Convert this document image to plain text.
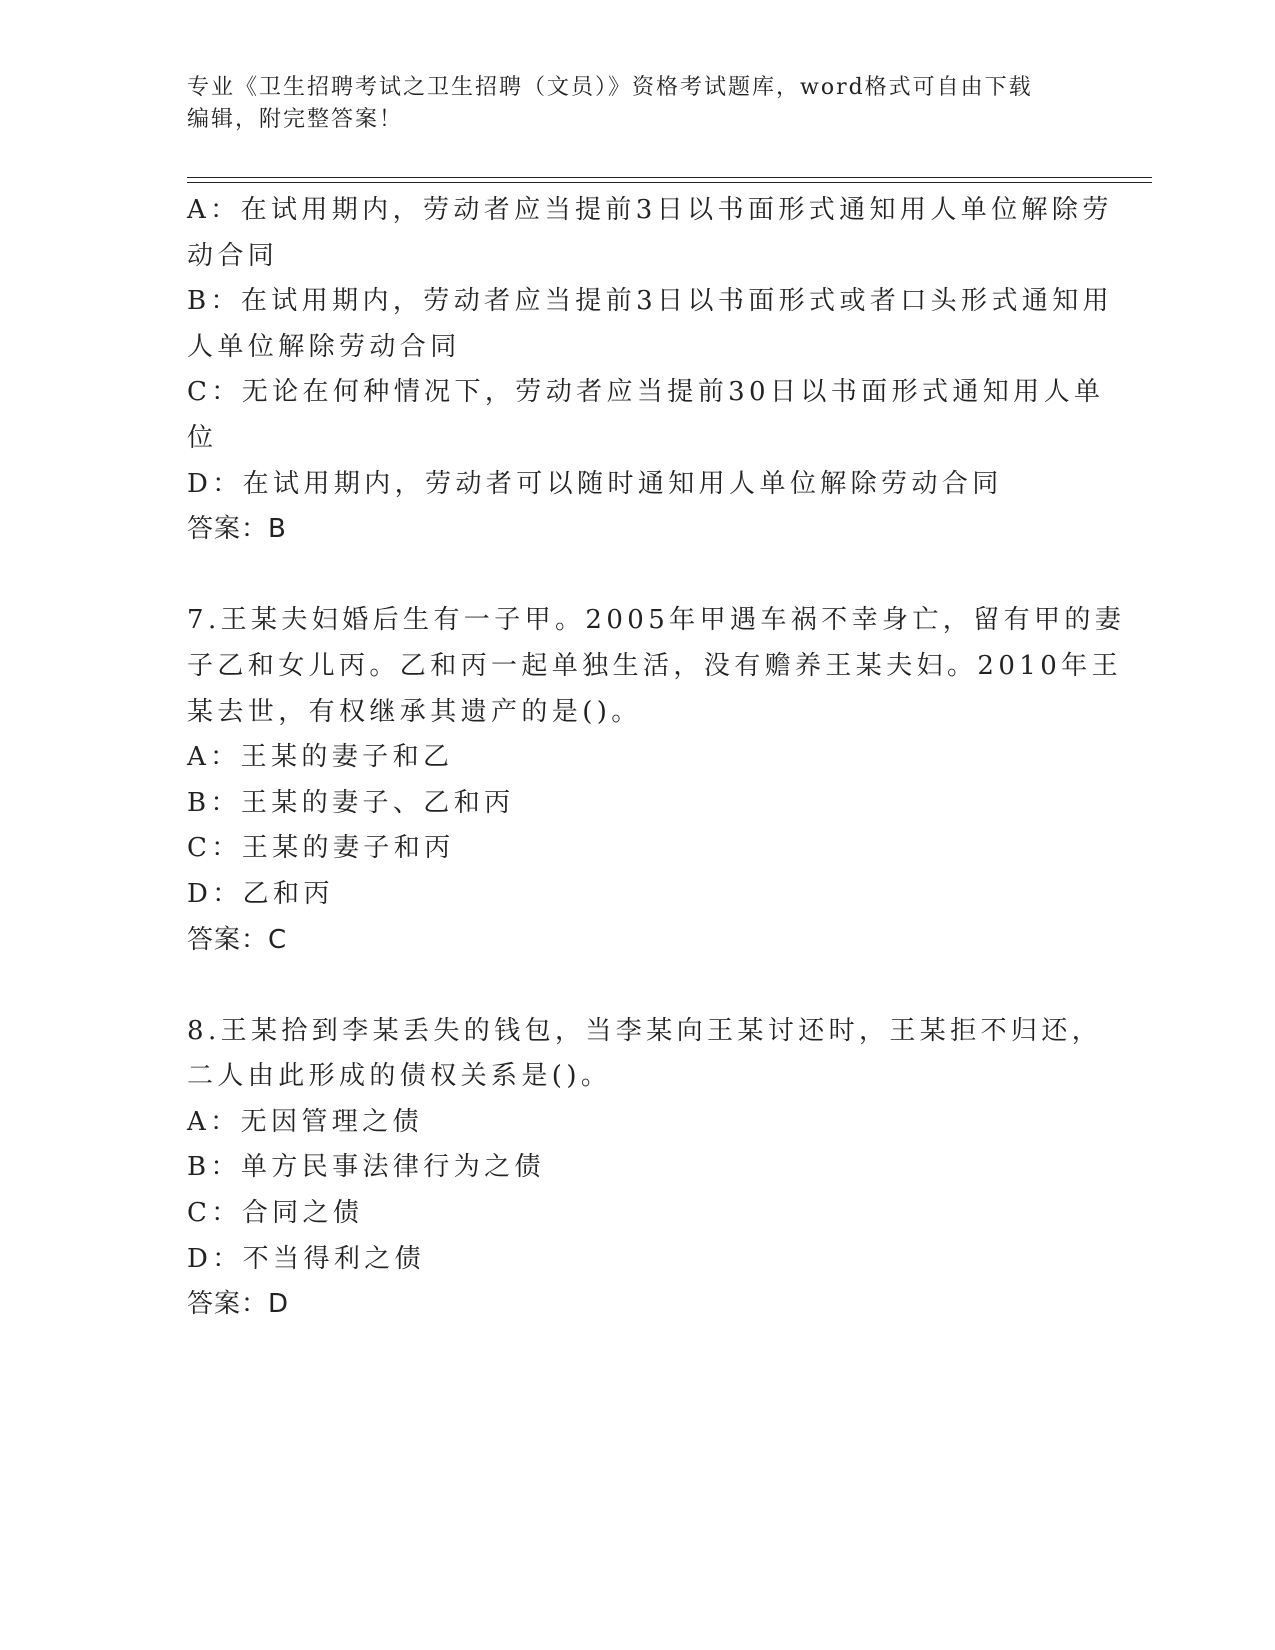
专业《卫生招聘考试之卫生招聘（文员）》资格考试题库，word格式可自由下载
编辑，附完整答案！
A：在试用期内，劳动者应当提前3日以书面形式通知用人单位解除劳
动合同
B：在试用期内，劳动者应当提前3日以书面形式或者口头形式通知用
人单位解除劳动合同
C：无论在何种情况下，劳动者应当提前30日以书面形式通知用人单
位
D：在试用期内，劳动者可以随时通知用人单位解除劳动合同
答案：B
7.王某夫妇婚后生有一子甲。2005年甲遇车祸不幸身亡，留有甲的妻
子乙和女儿丙。乙和丙一起单独生活，没有赡养王某夫妇。2010年王
某去世，有权继承其遗产的是()。
A：王某的妻子和乙
B：王某的妻子、乙和丙
C：王某的妻子和丙
D：乙和丙
答案：C
8.王某拾到李某丢失的钱包，当李某向王某讨还时，王某拒不归还，
二人由此形成的债权关系是()。
A：无因管理之债
B：单方民事法律行为之债
C：合同之债
D：不当得利之债
答案：D
